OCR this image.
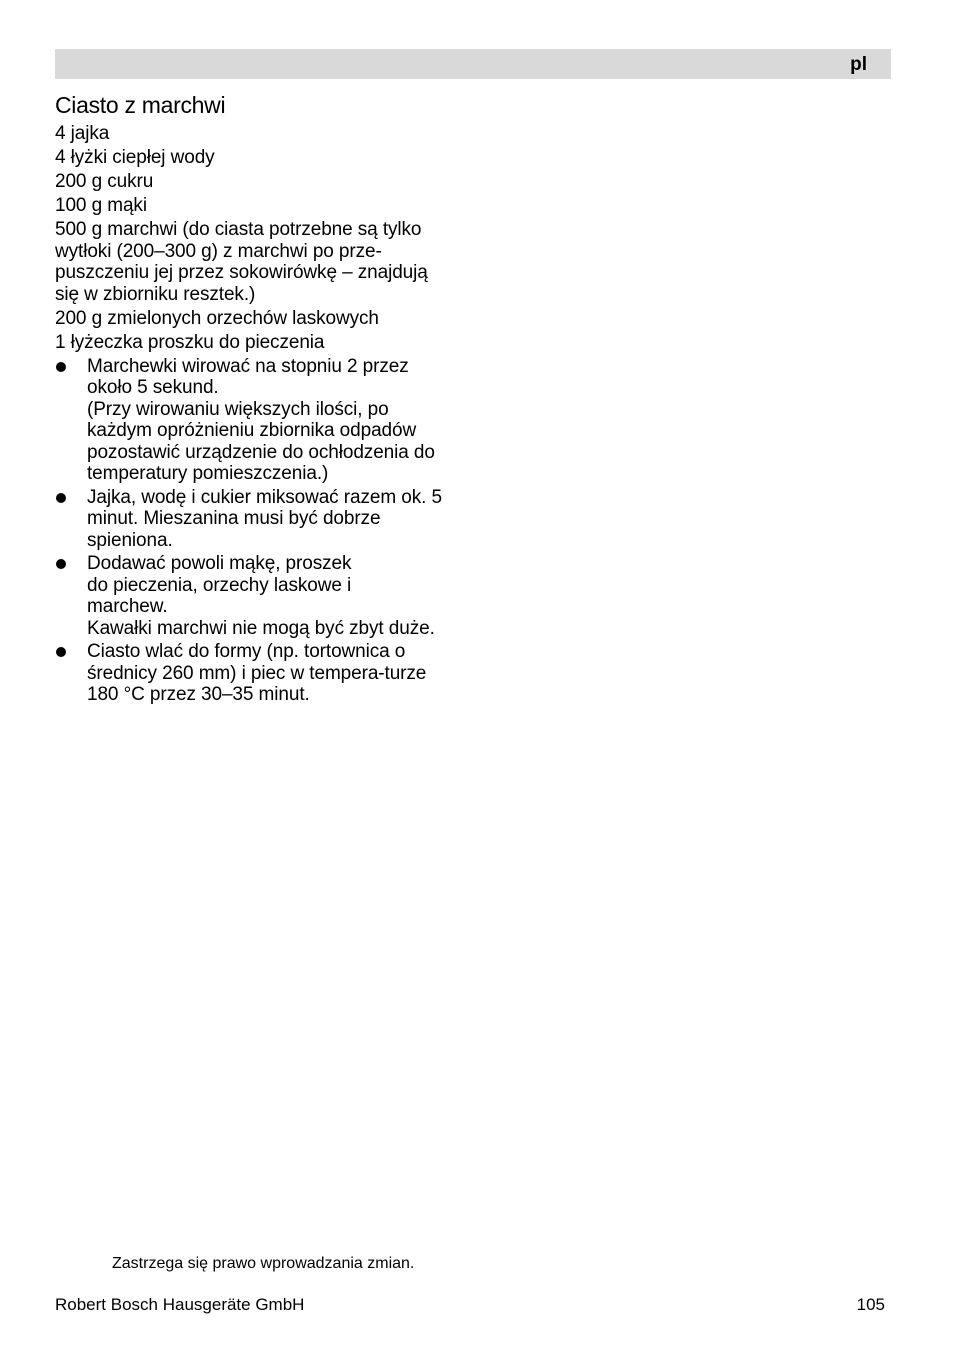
pl
Ciasto z marchwi
4 jajka
4 łyżki ciepłej wody
200 g cukru
100 g mąki
500 g marchwi (do ciasta potrzebne są tylko wytłoki (200–300 g) z marchwi po prze-puszczeniu jej przez sokowirówkę – znajdują się w zbiorniku resztek.)
200 g zmielonych orzechów laskowych
1 łyżeczka proszku do pieczenia
Marchewki wirować na stopniu 2 przez około 5 sekund.
(Przy wirowaniu większych ilości, po każdym opróżnieniu zbiornika odpadów pozostawić urządzenie do ochłodzenia do temperatury pomieszczenia.)
Jajka, wodę i cukier miksować razem ok. 5 minut. Mieszanina musi być dobrze spieniona.
Dodawać powoli mąkę, proszek do pieczenia, orzechy laskowe i marchew.
Kawałki marchwi nie mogą być zbyt duże.
Ciasto wlać do formy (np. tortownica o średnicy 260 mm) i piec w tempera-turze 180 °C przez 30–35 minut.
Zastrzega się prawo wprowadzania zmian.
Robert Bosch Hausgeräte GmbH	105
